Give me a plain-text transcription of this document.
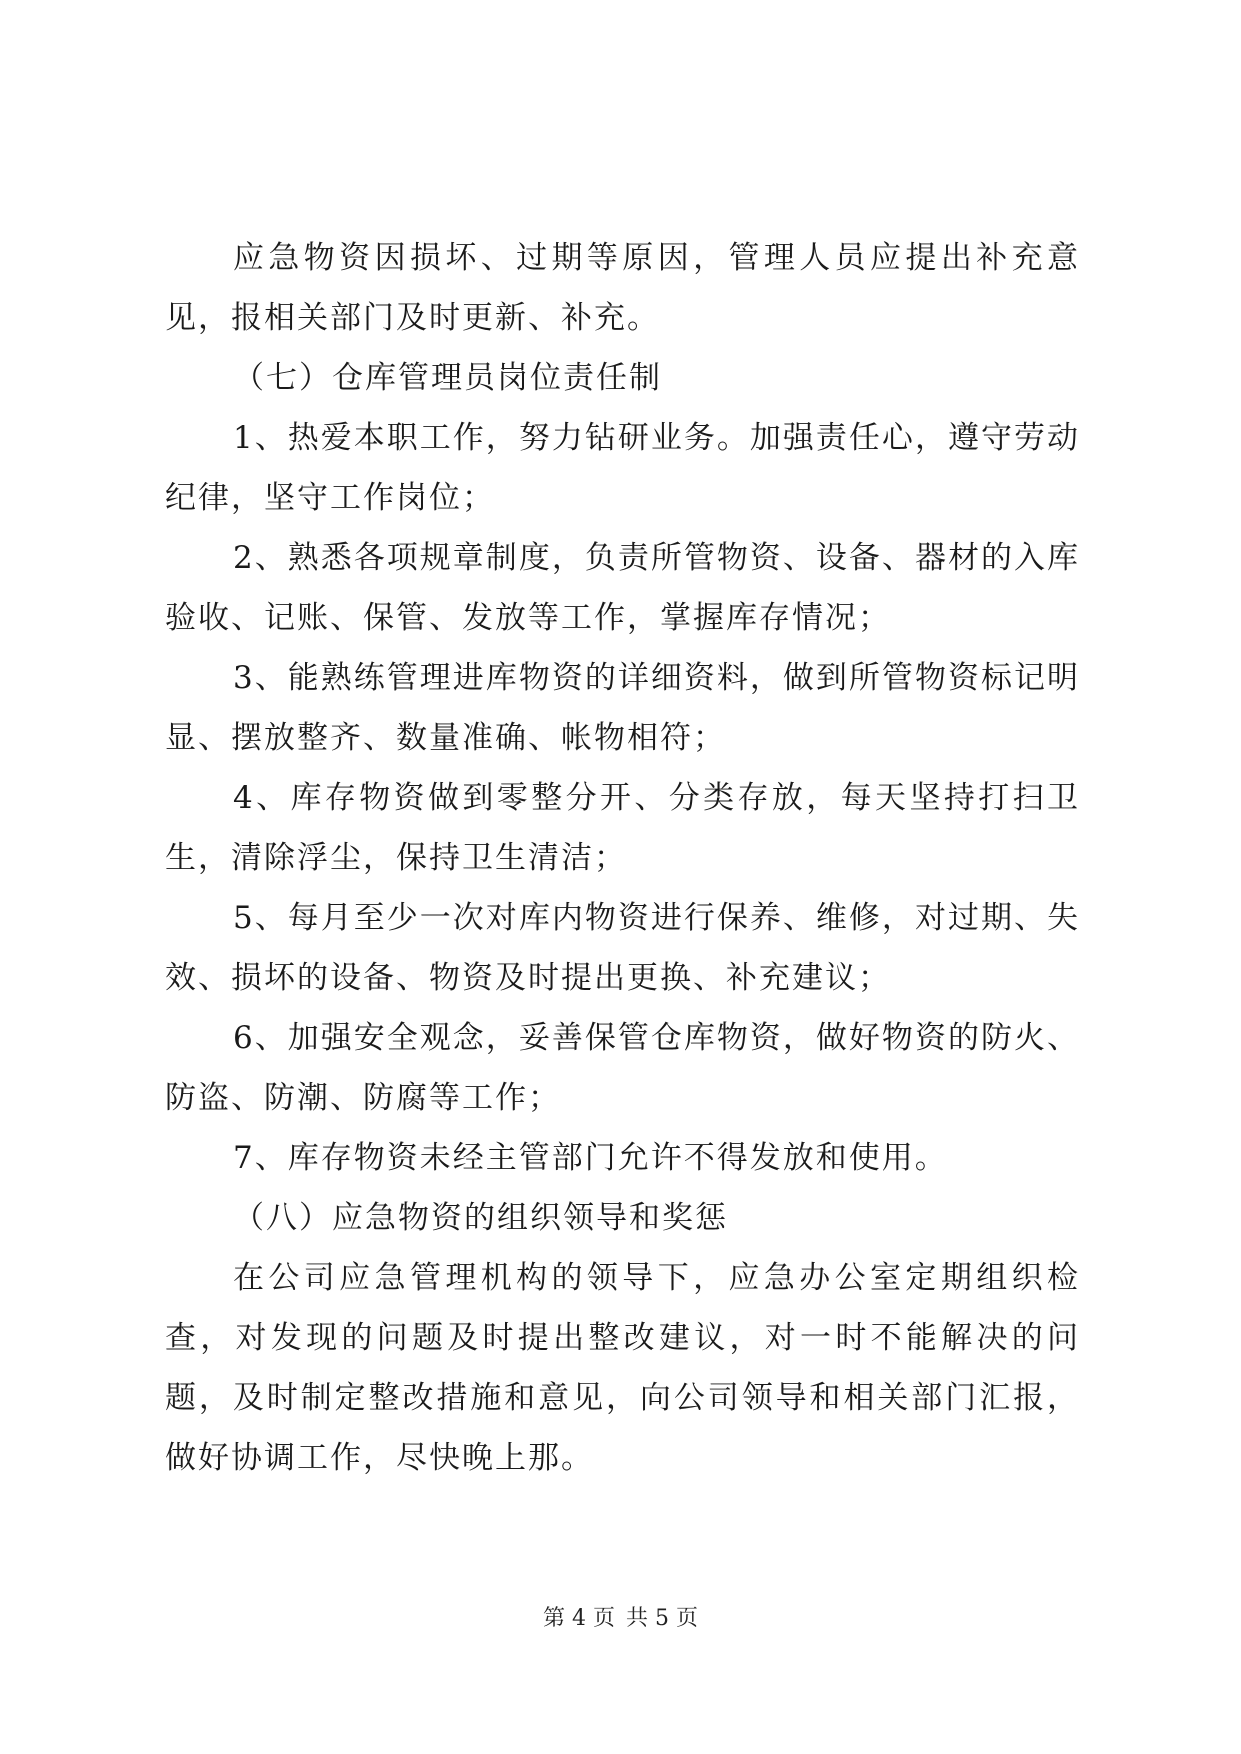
应急物资因损坏、过期等原因，管理人员应提出补充意见，报相关部门及时更新、补充。

（七）仓库管理员岗位责任制

1、热爱本职工作，努力钻研业务。加强责任心，遵守劳动纪律，坚守工作岗位；

2、熟悉各项规章制度，负责所管物资、设备、器材的入库验收、记账、保管、发放等工作，掌握库存情况；

3、能熟练管理进库物资的详细资料，做到所管物资标记明显、摆放整齐、数量准确、帐物相符；

4、库存物资做到零整分开、分类存放，每天坚持打扫卫生，清除浮尘，保持卫生清洁；

5、每月至少一次对库内物资进行保养、维修，对过期、失效、损坏的设备、物资及时提出更换、补充建议；

6、加强安全观念，妥善保管仓库物资，做好物资的防火、防盗、防潮、防腐等工作；

7、库存物资未经主管部门允许不得发放和使用。

（八）应急物资的组织领导和奖惩

在公司应急管理机构的领导下，应急办公室定期组织检查，对发现的问题及时提出整改建议，对一时不能解决的问题，及时制定整改措施和意见，向公司领导和相关部门汇报，做好协调工作，尽快晚上那。

第 4 页 共 5 页
